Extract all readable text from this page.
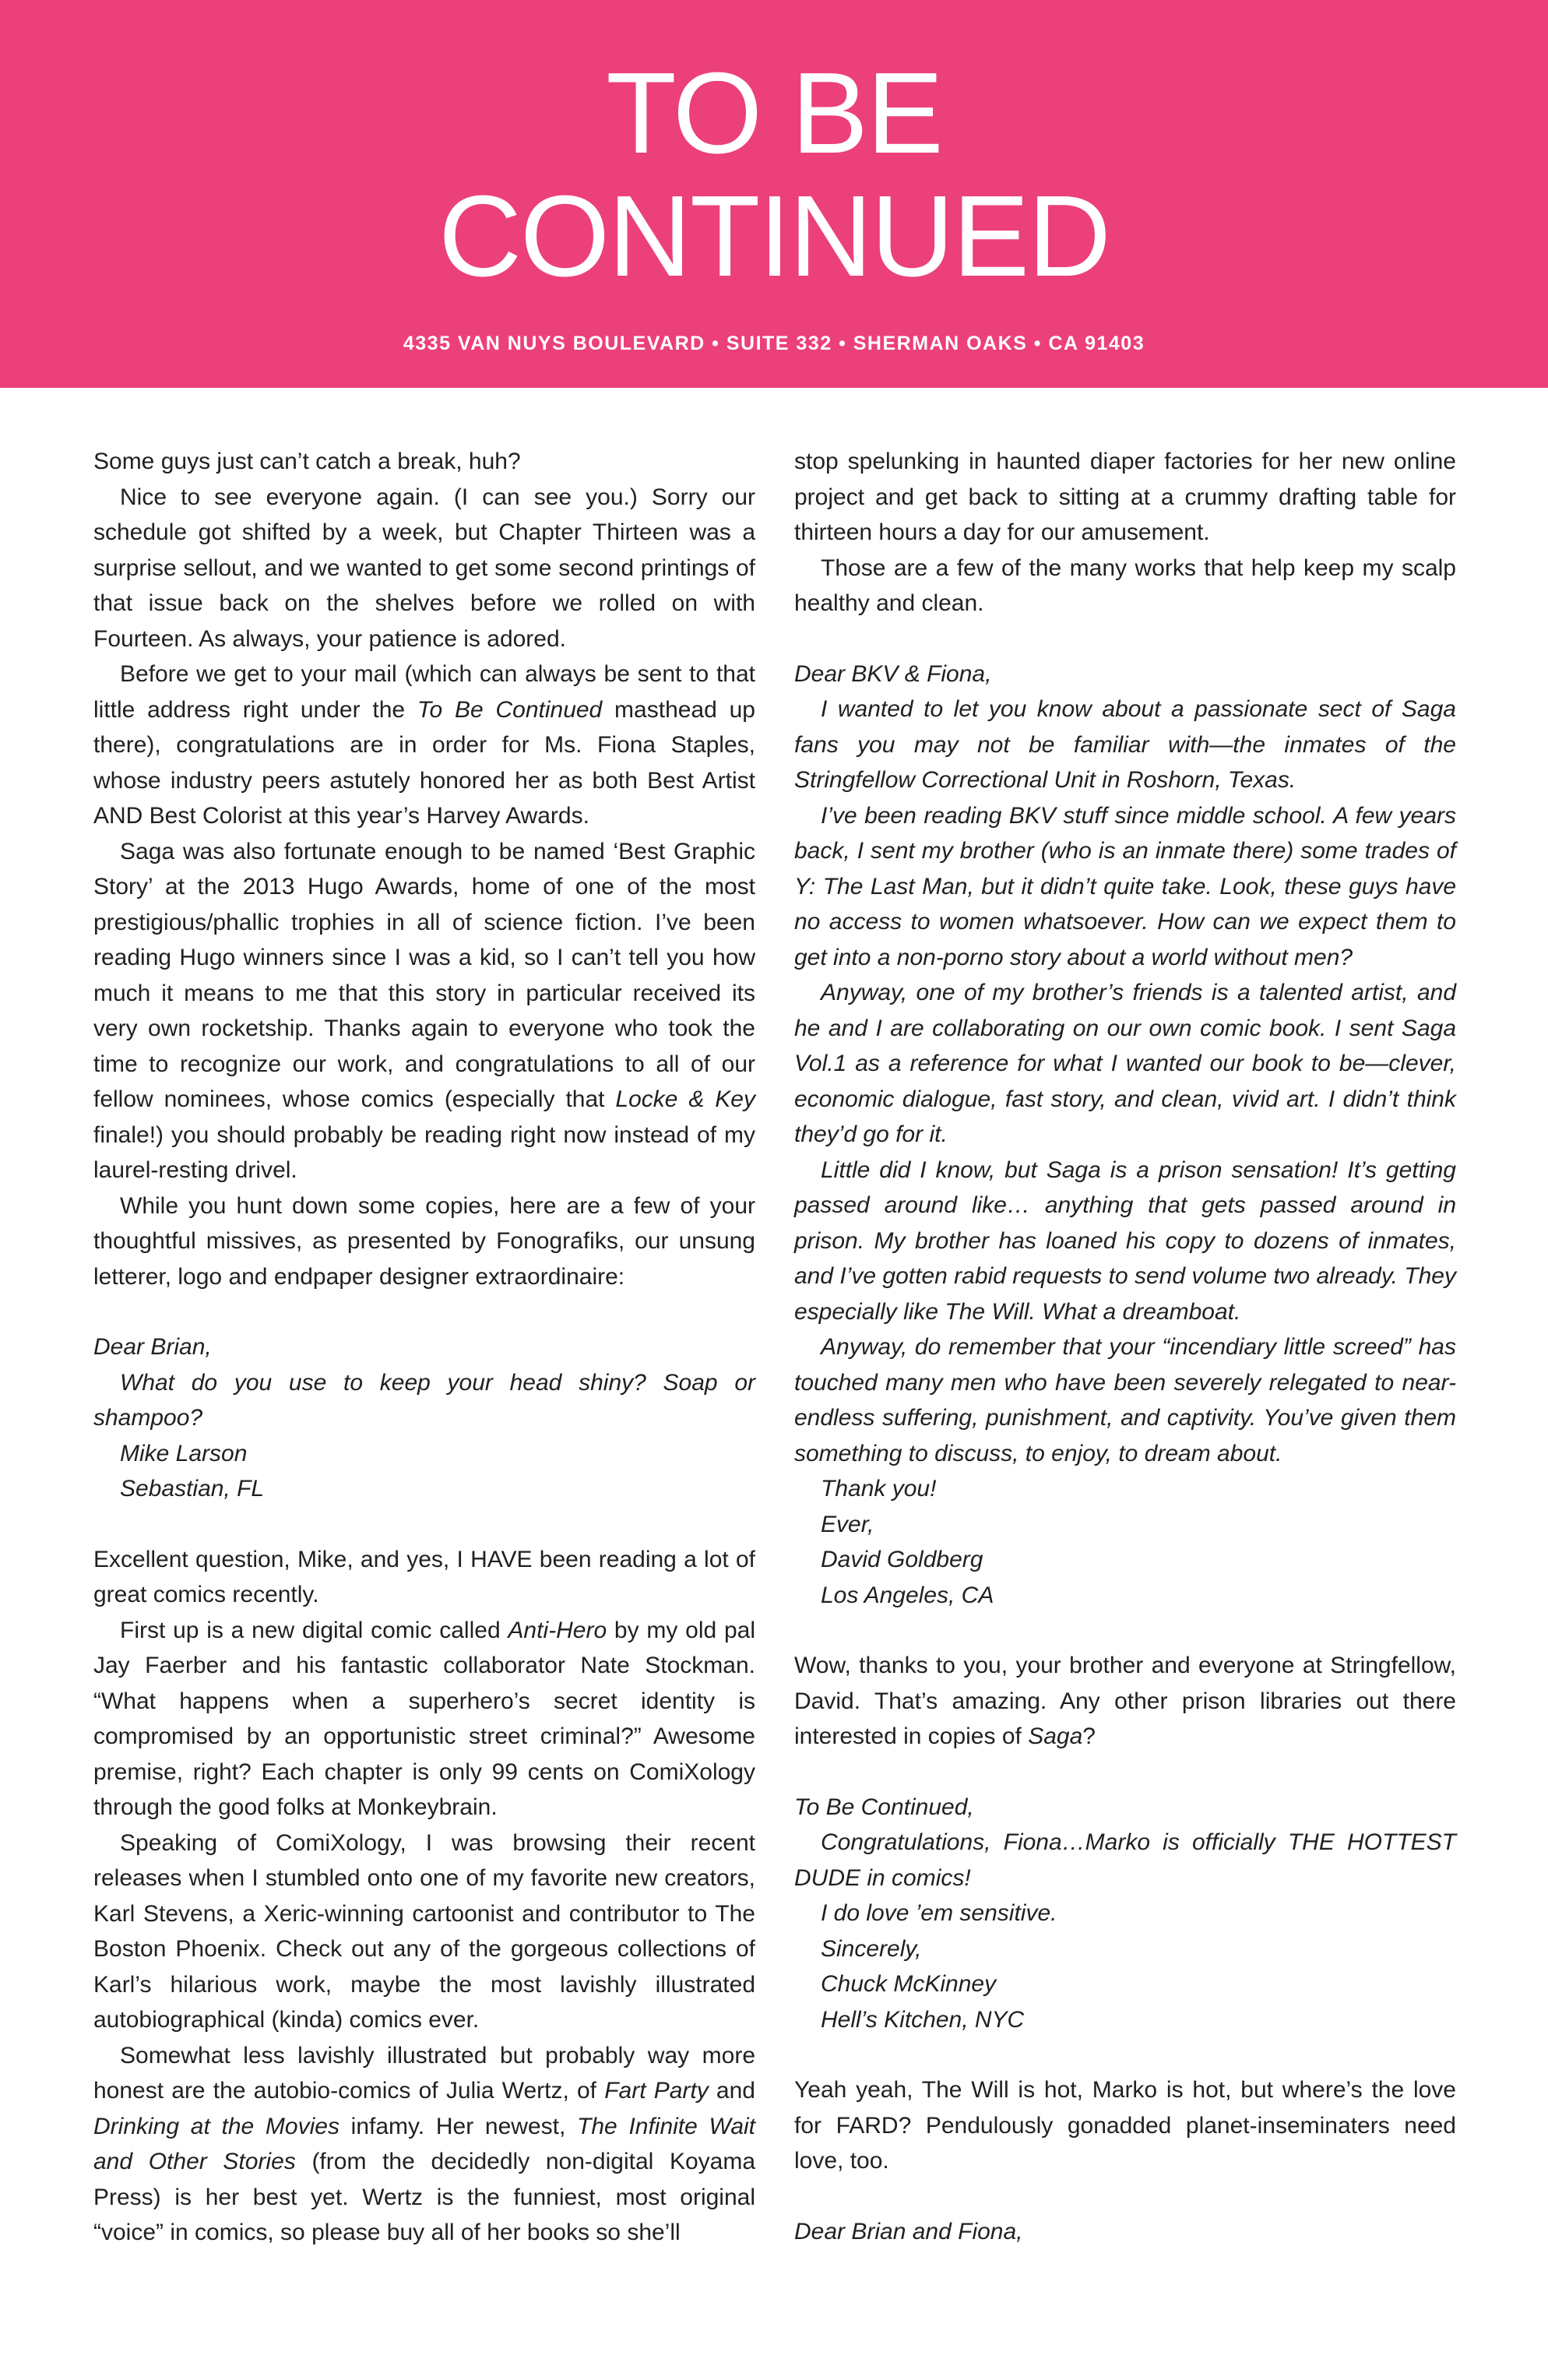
TO BE
CONTINUED
4335 VAN NUYS BOULEVARD • SUITE 332 • SHERMAN OAKS • CA 91403

Some guys just can’t catch a break, huh?

Nice to see everyone again. (I can see you.) Sorry our schedule got shifted by a week, but Chapter Thirteen was a surprise sellout, and we wanted to get some second printings of that issue back on the shelves before we rolled on with Fourteen. As always, your patience is adored.

Before we get to your mail (which can always be sent to that little address right under the To Be Continued masthead up there), congratulations are in order for Ms. Fiona Staples, whose industry peers astutely honored her as both Best Artist AND Best Colorist at this year’s Harvey Awards.

Saga was also fortunate enough to be named ‘Best Graphic Story’ at the 2013 Hugo Awards, home of one of the most prestigious/phallic trophies in all of science fiction. I’ve been reading Hugo winners since I was a kid, so I can’t tell you how much it means to me that this story in particular received its very own rocketship. Thanks again to everyone who took the time to recognize our work, and congratulations to all of our fellow nominees, whose comics (especially that Locke & Key finale!) you should probably be reading right now instead of my laurel-resting drivel.

While you hunt down some copies, here are a few of your thoughtful missives, as presented by Fonografiks, our unsung letterer, logo and endpaper designer extraordinaire:

Dear Brian,

What do you use to keep your head shiny? Soap or shampoo?

Mike Larson

Sebastian, FL

Excellent question, Mike, and yes, I HAVE been reading a lot of great comics recently.

First up is a new digital comic called Anti-Hero by my old pal Jay Faerber and his fantastic collaborator Nate Stockman. “What happens when a superhero’s secret identity is compromised by an opportunistic street criminal?” Awesome premise, right? Each chapter is only 99 cents on ComiXology through the good folks at Monkeybrain.

Speaking of ComiXology, I was browsing their recent releases when I stumbled onto one of my favorite new creators, Karl Stevens, a Xeric-winning cartoonist and contributor to The Boston Phoenix. Check out any of the gorgeous collections of Karl’s hilarious work, maybe the most lavishly illustrated autobiographical (kinda) comics ever.

Somewhat less lavishly illustrated but probably way more honest are the autobio-comics of Julia Wertz, of Fart Party and Drinking at the Movies infamy. Her newest, The Infinite Wait and Other Stories (from the decidedly non-digital Koyama Press) is her best yet. Wertz is the funniest, most original “voice” in comics, so please buy all of her books so she’ll

stop spelunking in haunted diaper factories for her new online project and get back to sitting at a crummy drafting table for thirteen hours a day for our amusement.

Those are a few of the many works that help keep my scalp healthy and clean.

Dear BKV & Fiona,

I wanted to let you know about a passionate sect of Saga fans you may not be familiar with—the inmates of the Stringfellow Correctional Unit in Roshorn, Texas.

I’ve been reading BKV stuff since middle school. A few years back, I sent my brother (who is an inmate there) some trades of Y: The Last Man, but it didn’t quite take. Look, these guys have no access to women whatsoever. How can we expect them to get into a non-porno story about a world without men?

Anyway, one of my brother’s friends is a talented artist, and he and I are collaborating on our own comic book. I sent Saga Vol.1 as a reference for what I wanted our book to be—clever, economic dialogue, fast story, and clean, vivid art. I didn’t think they’d go for it.

Little did I know, but Saga is a prison sensation! It’s getting passed around like… anything that gets passed around in prison. My brother has loaned his copy to dozens of inmates, and I’ve gotten rabid requests to send volume two already. They especially like The Will. What a dreamboat.

Anyway, do remember that your “incendiary little screed” has touched many men who have been severely relegated to near-endless suffering, punishment, and captivity. You’ve given them something to discuss, to enjoy, to dream about.

Thank you!

Ever,

David Goldberg

Los Angeles, CA

Wow, thanks to you, your brother and everyone at Stringfellow, David. That’s amazing. Any other prison libraries out there interested in copies of Saga?

To Be Continued,

Congratulations, Fiona…Marko is officially THE HOTTEST DUDE in comics!

I do love ’em sensitive.

Sincerely,

Chuck McKinney

Hell’s Kitchen, NYC

Yeah yeah, The Will is hot, Marko is hot, but where’s the love for FARD? Pendulously gonadded planet-inseminaters need love, too.

Dear Brian and Fiona,
